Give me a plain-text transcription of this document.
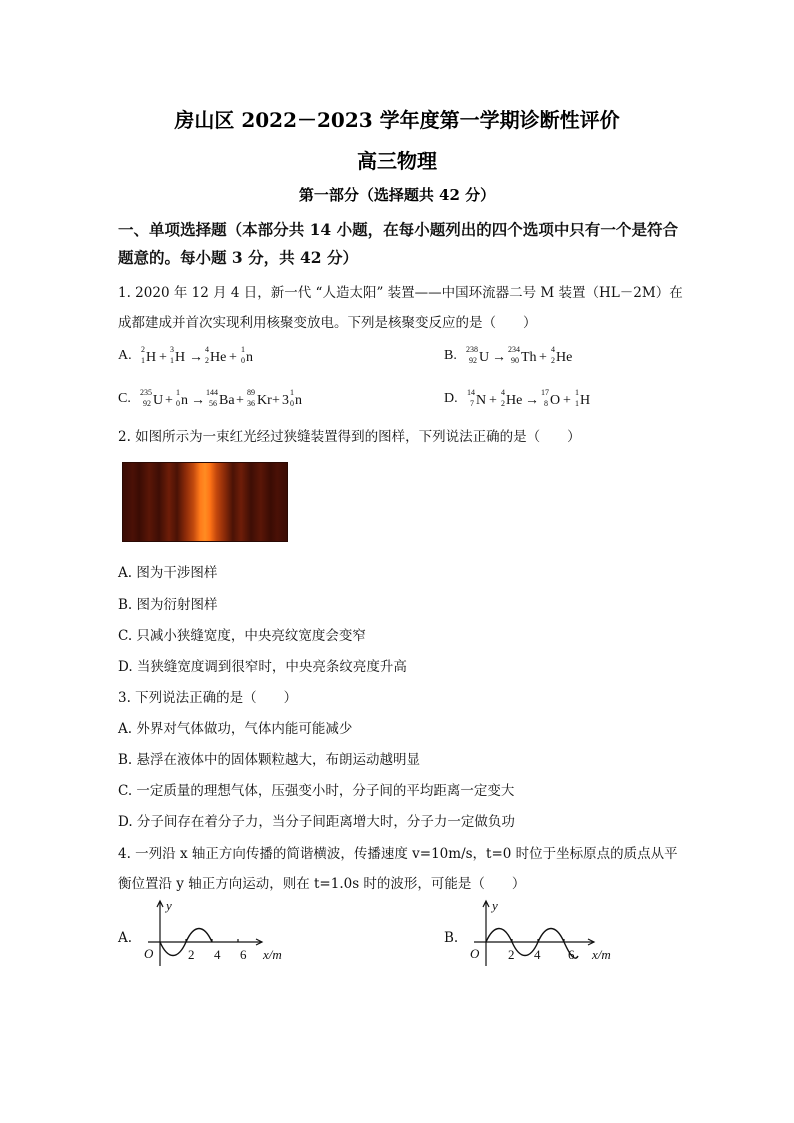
房山区 2022－2023 学年度第一学期诊断性评价
高三物理
第一部分（选择题共 42 分）
一、单项选择题（本部分共 14 小题，在每小题列出的四个选项中只有一个是符合题意的。每小题 3 分，共 42 分）
1. 2020 年 12 月 4 日，新一代 “人造太阳” 装置——中国环流器二号 M 装置（HL－2M）在
成都建成并首次实现利用核聚变放电。下列是核聚变反应的是（　　）
A. 2
1 H +
3
1 H →
4
2 He +
1
0 n	B. 238
92 U →
234
90 Th +
4
2 He
C. 235
92 U +
1
0 n →
144
56 Ba +
89
36 Kr + 3
1
0 n	D. 14
7 N +
4
2 He →
17
8 O +
1
1 H
2. 如图所示为一束红光经过狭缝装置得到的图样，下列说法正确的是（　　）
A. 图为干涉图样
B. 图为衍射图样
C. 只减小狭缝宽度，中央亮纹宽度会变窄
D. 当狭缝宽度调到很窄时，中央亮条纹亮度升高
3. 下列说法正确的是（　　）
A. 外界对气体做功，气体内能可能减少
B. 悬浮在液体中的固体颗粒越大，布朗运动越明显
C. 一定质量的理想气体，压强变小时，分子间的平均距离一定变大
D. 分子间存在着分子力，当分子间距离增大时，分子力一定做负功
4. 一列沿 x 轴正方向传播的简谐横波，传播速度 v=10m/s，t=0 时位于坐标原点的质点从平
衡位置沿 y 轴正方向运动，则在 t=1.0s 时的波形，可能是（　　）
A.
y
O	2 4 6 x/m
B.
y
O 2 4 6 x/m
